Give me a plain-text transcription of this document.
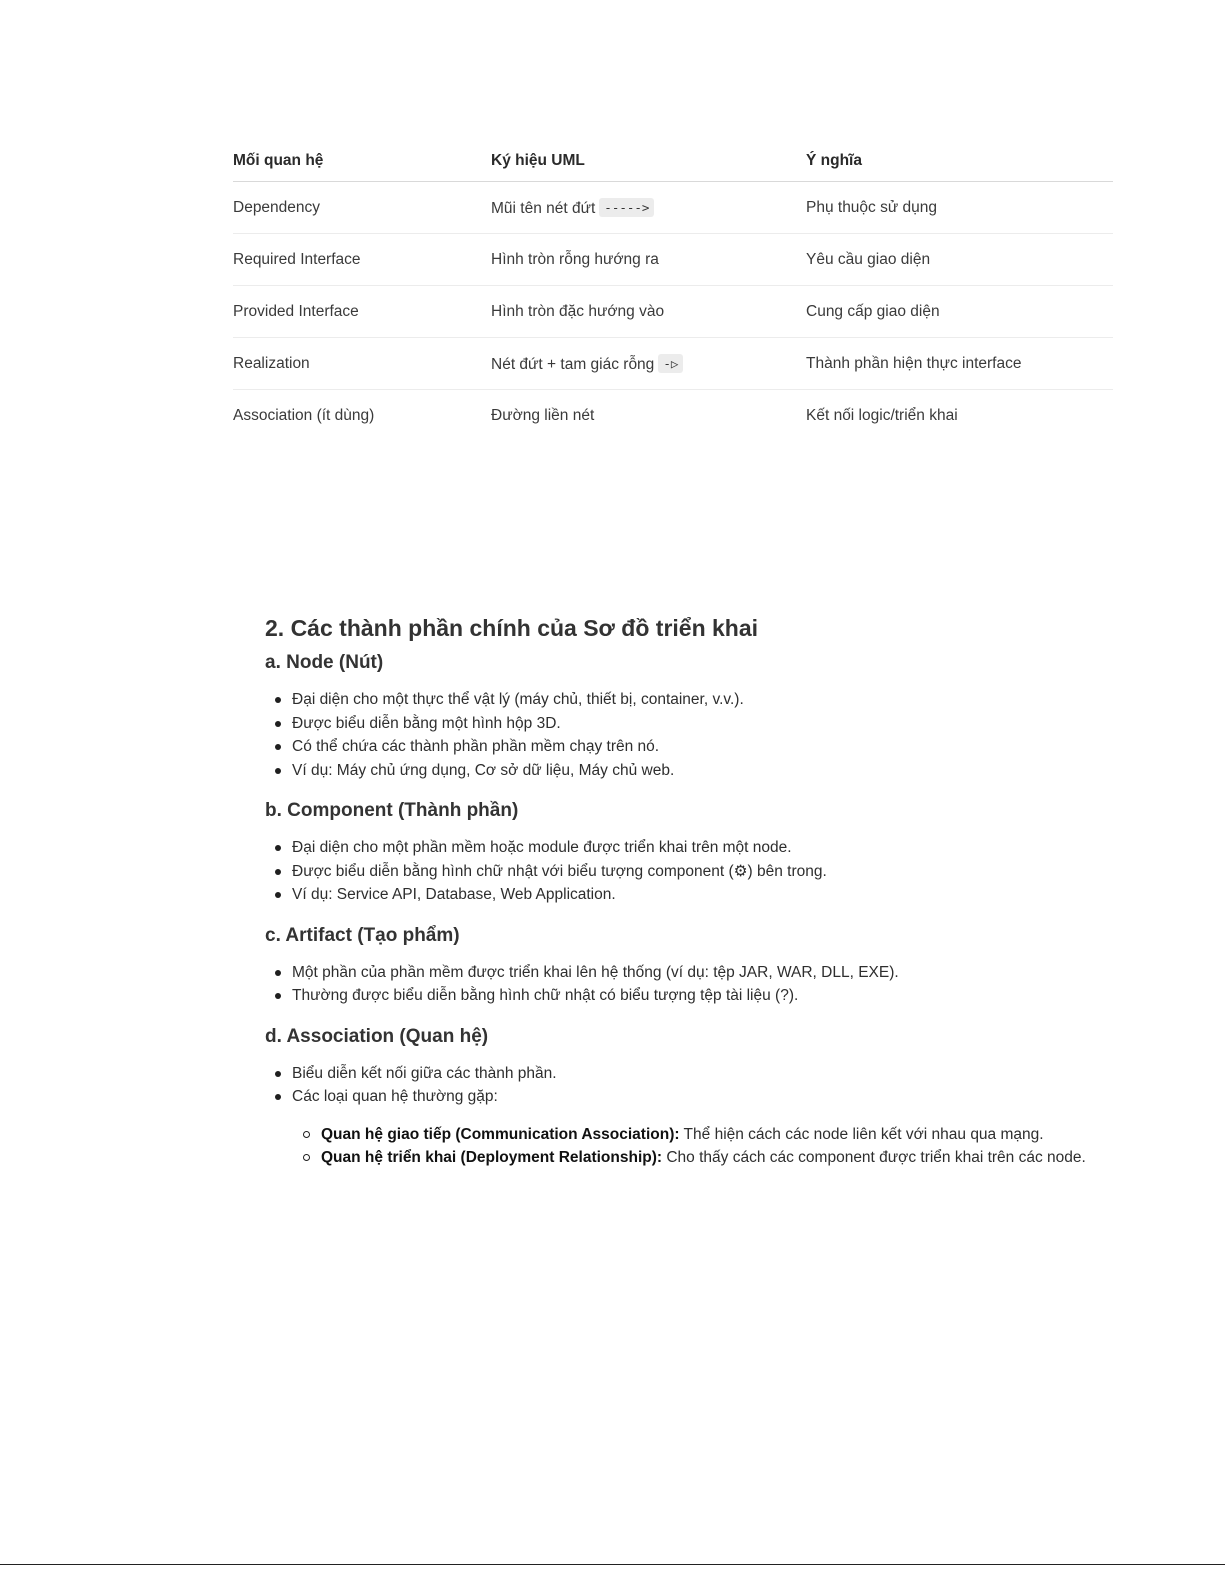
Mối quan hệ	Ký hiệu UML	Ý nghĩa
Dependency	Mũi tên nét đứt ----->	Phụ thuộc sử dụng
Required Interface	Hình tròn rỗng hướng ra	Yêu cầu giao diện
Provided Interface	Hình tròn đặc hướng vào	Cung cấp giao diện
Realization	Nét đứt + tam giác rỗng -▷	Thành phần hiện thực interface
Association (ít dùng)	Đường liền nét	Kết nối logic/triển khai
2. Các thành phần chính của Sơ đồ triển khai
a. Node (Nút)
Đại diện cho một thực thể vật lý (máy chủ, thiết bị, container, v.v.).
Được biểu diễn bằng một hình hộp 3D.
Có thể chứa các thành phần phần mềm chạy trên nó.
Ví dụ: Máy chủ ứng dụng, Cơ sở dữ liệu, Máy chủ web.
b. Component (Thành phần)
Đại diện cho một phần mềm hoặc module được triển khai trên một node.
Được biểu diễn bằng hình chữ nhật với biểu tượng component (⚙) bên trong.
Ví dụ: Service API, Database, Web Application.
c. Artifact (Tạo phẩm)
Một phần của phần mềm được triển khai lên hệ thống (ví dụ: tệp JAR, WAR, DLL, EXE).
Thường được biểu diễn bằng hình chữ nhật có biểu tượng tệp tài liệu (?).
d. Association (Quan hệ)
Biểu diễn kết nối giữa các thành phần.
Các loại quan hệ thường gặp:
Quan hệ giao tiếp (Communication Association): Thể hiện cách các node liên kết với nhau qua mạng.
Quan hệ triển khai (Deployment Relationship): Cho thấy cách các component được triển khai trên các node.
